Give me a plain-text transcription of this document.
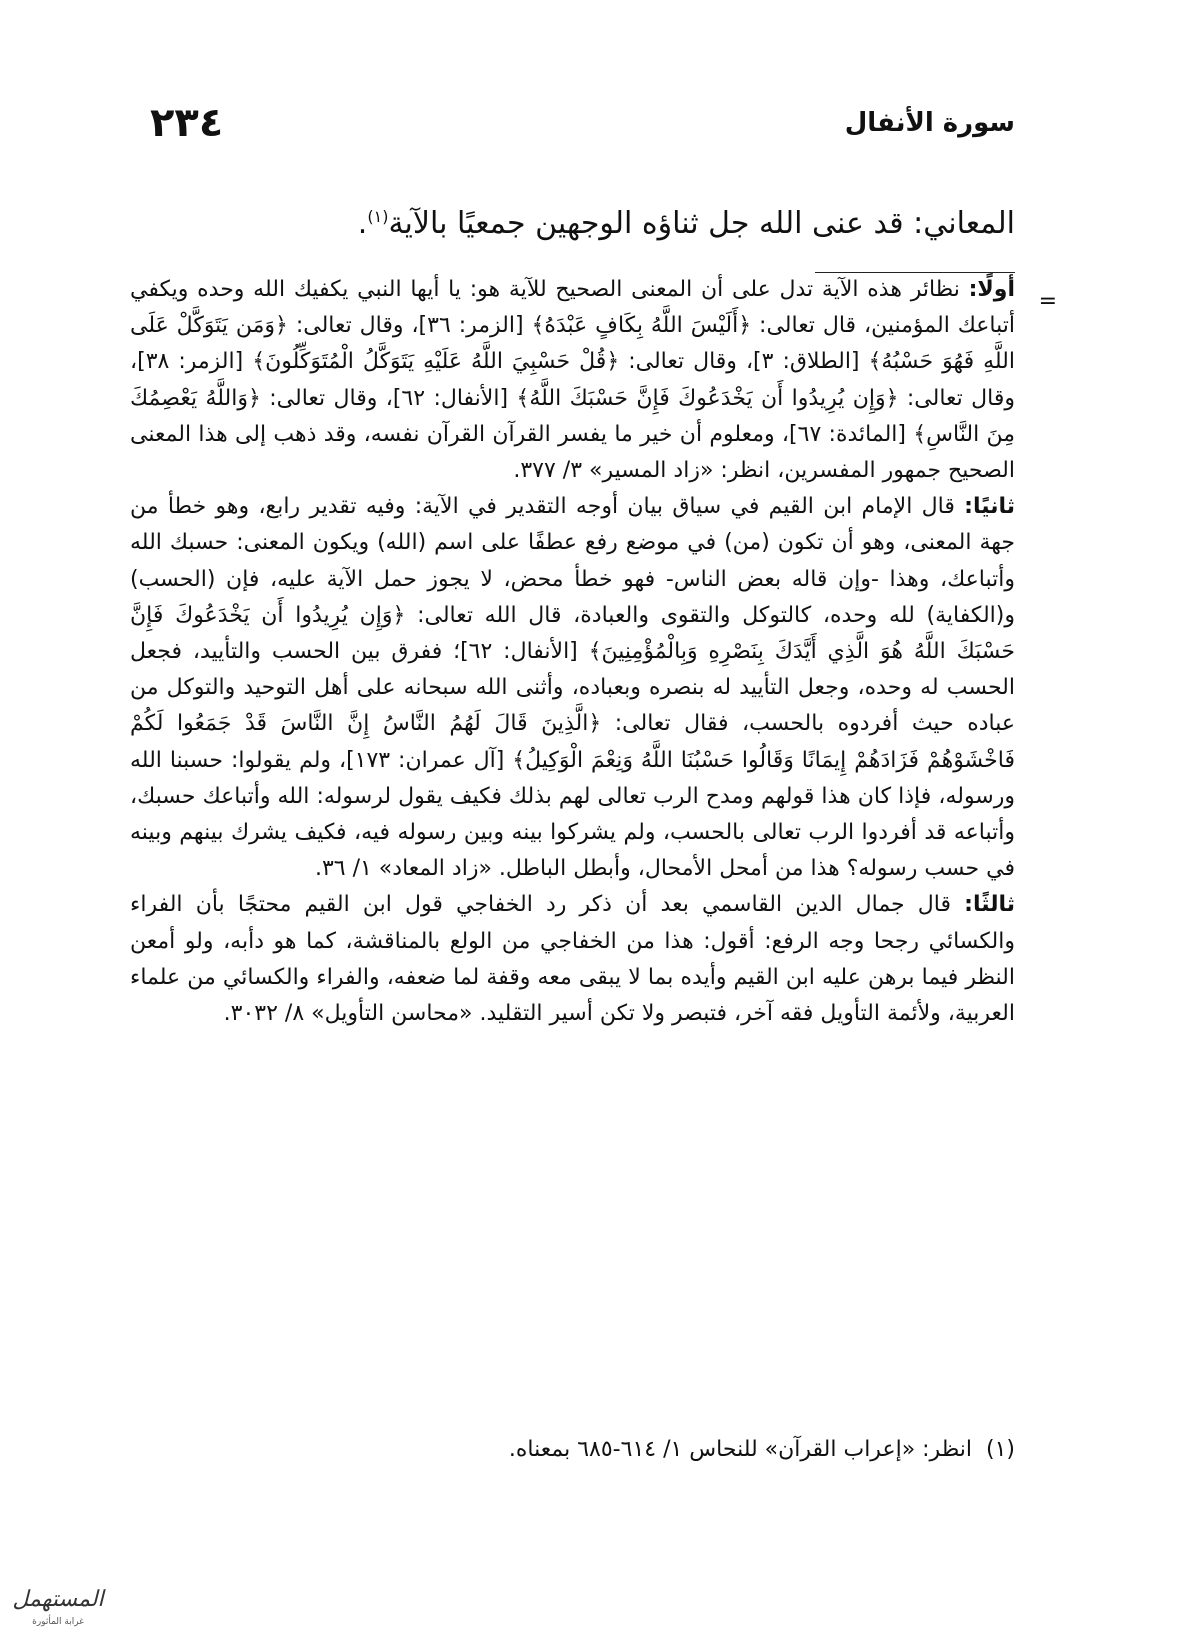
٢٣٤	سورة الأنفال
المعاني: قد عنى الله جل ثناؤه الوجهين جمعيًا بالآية$^{(١)}$.
=

أولًا: نظائر هذه الآية تدل على أن المعنى الصحيح للآية هو: يا أيها النبي يكفيك الله وحده ويكفي أتباعك المؤمنين، قال تعالى: ﴿أَلَيْسَ اللَّهُ بِكَافٍ عَبْدَهُ﴾ [الزمر: ٣٦]، وقال تعالى: ﴿وَمَن يَتَوَكَّلْ عَلَى اللَّهِ فَهُوَ حَسْبُهُ﴾ [الطلاق: ٣]، وقال تعالى: ﴿قُلْ حَسْبِيَ اللَّهُ عَلَيْهِ يَتَوَكَّلُ الْمُتَوَكِّلُونَ﴾ [الزمر: ٣٨]، وقال تعالى: ﴿وَإِن يُرِيدُوا أَن يَخْدَعُوكَ فَإِنَّ حَسْبَكَ اللَّهُ﴾ [الأنفال: ٦٢]، وقال تعالى: ﴿وَاللَّهُ يَعْصِمُكَ مِنَ النَّاسِ﴾ [المائدة: ٦٧]، ومعلوم أن خير ما يفسر القرآن القرآن نفسه، وقد ذهب إلى هذا المعنى الصحيح جمهور المفسرين، انظر: «زاد المسير» ٣/ ٣٧٧.

ثانيًا: قال الإمام ابن القيم في سياق بيان أوجه التقدير في الآية: وفيه تقدير رابع، وهو خطأ من جهة المعنى، وهو أن تكون (من) في موضع رفع عطفًا على اسم (الله) ويكون المعنى: حسبك الله وأتباعك، وهذا -وإن قاله بعض الناس- فهو خطأ محض، لا يجوز حمل الآية عليه، فإن (الحسب) و(الكفاية) لله وحده، كالتوكل والتقوى والعبادة، قال الله تعالى: ﴿وَإِن يُرِيدُوا أَن يَخْدَعُوكَ فَإِنَّ حَسْبَكَ اللَّهُ هُوَ الَّذِي أَيَّدَكَ بِنَصْرِهِ وَبِالْمُؤْمِنِينَ﴾ [الأنفال: ٦٢]؛ ففرق بين الحسب والتأييد، فجعل الحسب له وحده، وجعل التأييد له بنصره وبعباده، وأثنى الله سبحانه على أهل التوحيد والتوكل من عباده حيث أفردوه بالحسب، فقال تعالى: ﴿الَّذِينَ قَالَ لَهُمُ النَّاسُ إِنَّ النَّاسَ قَدْ جَمَعُوا لَكُمْ فَاخْشَوْهُمْ فَزَادَهُمْ إِيمَانًا وَقَالُوا حَسْبُنَا اللَّهُ وَنِعْمَ الْوَكِيلُ﴾ [آل عمران: ١٧٣]، ولم يقولوا: حسبنا الله ورسوله، فإذا كان هذا قولهم ومدح الرب تعالى لهم بذلك فكيف يقول لرسوله: الله وأتباعك حسبك، وأتباعه قد أفردوا الرب تعالى بالحسب، ولم يشركوا بينه وبين رسوله فيه، فكيف يشرك بينهم وبينه في حسب رسوله؟ هذا من أمحل الأمحال، وأبطل الباطل. «زاد المعاد» ١/ ٣٦.

ثالثًا: قال جمال الدين القاسمي بعد أن ذكر رد الخفاجي قول ابن القيم محتجًا بأن الفراء والكسائي رجحا وجه الرفع: أقول: هذا من الخفاجي من الولع بالمناقشة، كما هو دأبه، ولو أمعن النظر فيما برهن عليه ابن القيم وأيده بما لا يبقى معه وقفة لما ضعفه، والفراء والكسائي من علماء العربية، ولأئمة التأويل فقه آخر، فتبصر ولا تكن أسير التقليد. «محاسن التأويل» ٨/ ٣٠٣٢.

(١)انظر: «إعراب القرآن» للنحاس ١/ ٦١٤-٦٨٥ بمعناه.
المستهمل
غرابة المأثورة
